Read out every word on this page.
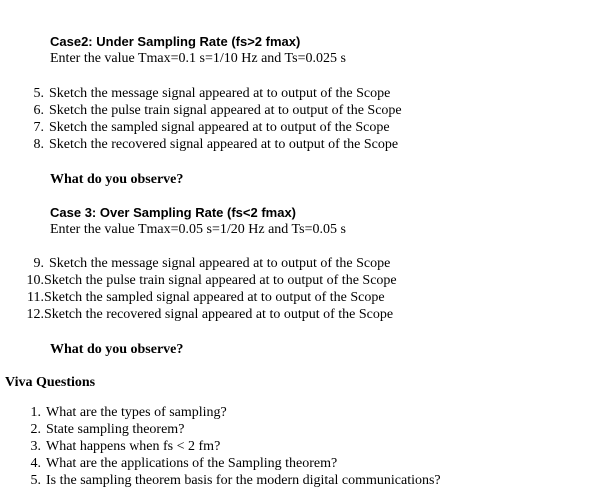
Case2: Under Sampling Rate (fs>2 fmax)
Enter the value Tmax=0.1 s=1/10 Hz and Ts=0.025 s
5. Sketch the message signal appeared at to output of the Scope
6. Sketch the pulse train signal appeared at to output of the Scope
7. Sketch the sampled signal appeared at to output of the Scope
8. Sketch the recovered signal appeared at to output of the Scope
What do you observe?
Case 3: Over Sampling Rate (fs<2 fmax)
Enter the value Tmax=0.05 s=1/20 Hz and Ts=0.05 s
9. Sketch the message signal appeared at to output of the Scope
10.Sketch the pulse train signal appeared at to output of the Scope
11.Sketch the sampled signal appeared at to output of the Scope
12.Sketch the recovered signal appeared at to output of the Scope
What do you observe?
Viva Questions
1. What are the types of sampling?
2. State sampling theorem?
3. What happens when fs < 2 fm?
4. What are the applications of the Sampling theorem?
5. Is the sampling theorem basis for the modern digital communications?
